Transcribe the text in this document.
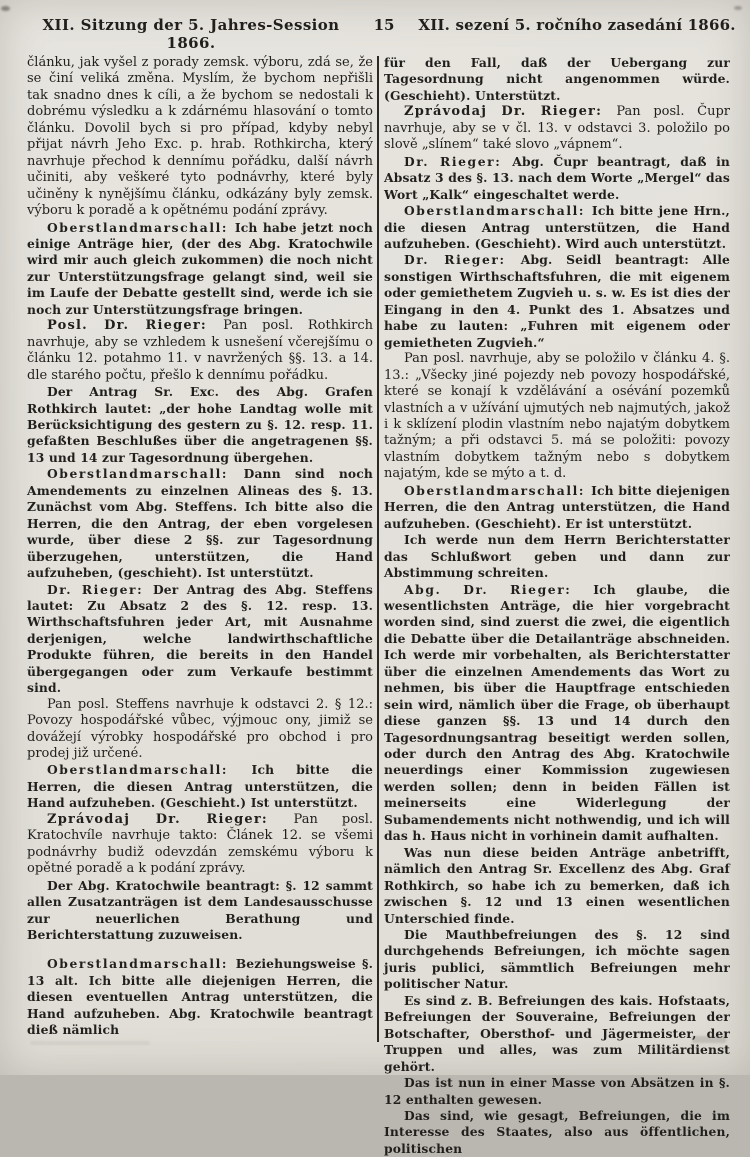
XII. Sitzung der 5. Jahres-Session 1866.
15	XII. sezení 5. ročního zasedání 1866.

článku, jak vyšel z porady zemsk. výboru, zdá se, že se činí veliká změna. Myslím, že bychom nepřišli tak snadno dnes k cíli, a že bychom se nedostali k dobrému výsledku a k zdárnému hlasování o tomto článku. Dovolil bych si pro případ, kdyby nebyl přijat návrh Jeho Exc. p. hrab. Rothkircha, který navrhuje přechod k dennímu pořádku, další návrh učiniti, aby veškeré tyto podnávrhy, které byly učiněny k nynějšímu článku, odkázány byly zemsk. výboru k poradě a k opětnému podání zprávy.

Oberstlandmarschall: Ich habe jetzt noch einige Anträge hier, (der des Abg. Kratochwile wird mir auch gleich zukommen) die noch nicht zur Unterstützungsfrage gelangt sind, weil sie im Laufe der Debatte gestellt sind, werde ich sie noch zur Unterstützungsfrage bringen.

Posl. Dr. Rieger: Pan posl. Rothkirch navrhuje, aby se vzhledem k usnešení včerejšímu o článku 12. potahmo 11. v navržených §§. 13. a 14. dle starého počtu, přešlo k dennímu pořádku.

Der Antrag Sr. Exc. des Abg. Grafen Rothkirch lautet: „der hohe Landtag wolle mit Berücksichtigung des gestern zu §. 12. resp. 11. gefaßten Beschlußes über die angetragenen §§. 13 und 14 zur Tagesordnung übergehen.

Oberstlandmarschall: Dann sind noch Amendements zu einzelnen Alineas des §. 13. Zunächst vom Abg. Steffens. Ich bitte also die Herren, die den Antrag, der eben vorgelesen wurde, über diese 2 §§. zur Tagesordnung überzugehen, unterstützen, die Hand aufzuheben, (geschieht). Ist unterstützt.

Dr. Rieger: Der Antrag des Abg. Steffens lautet: Zu Absatz 2 des §. 12. resp. 13. Wirthschaftsfuhren jeder Art, mit Ausnahme derjenigen, welche landwirthschaftliche Produkte führen, die bereits in den Handel übergegangen oder zum Verkaufe bestimmt sind.

Pan posl. Steffens navrhuje k odstavci 2. § 12.: Povozy hospodářské vůbec, výjmouc ony, jimiž se dovážejí výrobky hospodářské pro obchod i pro prodej již určené.

Oberstlandmarschall: Ich bitte die Herren, die diesen Antrag unterstützen, die Hand aufzuheben. (Geschieht.) Ist unterstützt.

Zprávodaj Dr. Rieger: Pan posl. Kratochvíle navrhuje takto: Článek 12. se všemi podnávrhy budiž odevzdán zemskému výboru k opětné poradě a k podání zprávy.

Der Abg. Kratochwile beantragt: §. 12 sammt allen Zusatzanträgen ist dem Landesausschusse zur neuerlichen Berathung und Berichterstattung zuzuweisen.

Oberstlandmarschall: Beziehungsweise §. 13 alt. Ich bitte alle diejenigen Herren, die diesen eventuellen Antrag unterstützen, die Hand aufzuheben. Abg. Kratochwile beantragt dieß nämlich

für den Fall, daß der Uebergang zur Tagesordnung nicht angenommen würde. (Geschieht). Unterstützt.

Zprávodaj Dr. Rieger: Pan posl. Čupr navrhuje, aby se v čl. 13. v odstavci 3. položilo po slově „slínem“ také slovo „vápnem“.

Dr. Rieger: Abg. Čupr beantragt, daß in Absatz 3 des §. 13. nach dem Worte „Mergel“ das Wort „Kalk“ eingeschaltet werde.

Oberstlandmarschall: Ich bitte jene Hrn., die diesen Antrag unterstützen, die Hand aufzuheben. (Geschieht). Wird auch unterstützt.

Dr. Rieger: Abg. Seidl beantragt: Alle sonstigen Wirthschaftsfuhren, die mit eigenem oder gemiethetem Zugvieh u. s. w. Es ist dies der Eingang in den 4. Punkt des 1. Absatzes und habe zu lauten: „Fuhren mit eigenem oder gemietheten Zugvieh.“

Pan posl. navrhuje, aby se položilo v článku 4. §. 13.: „Všecky jiné pojezdy neb povozy hospodářské, které se konají k vzdělávání a osévání pozemků vlastních a v užívání ujmutých neb najmutých, jakož i k sklízení plodin vlastním nebo najatým dobytkem tažným; a při odstavci 5. má se položiti: povozy vlastním dobytkem tažným nebo s dobytkem najatým, kde se mýto a t. d.

Oberstlandmarschall: Ich bitte diejenigen Herren, die den Antrag unterstützen, die Hand aufzuheben. (Geschieht). Er ist unterstützt.

Ich werde nun dem Herrn Berichterstatter das Schlußwort geben und dann zur Abstimmung schreiten.

Abg. Dr. Rieger: Ich glaube, die wesentlichsten Anträge, die hier vorgebracht worden sind, sind zuerst die zwei, die eigentlich die Debatte über die Detailanträge abschneiden. Ich werde mir vorbehalten, als Berichterstatter über die einzelnen Amendements das Wort zu nehmen, bis über die Hauptfrage entschieden sein wird, nämlich über die Frage, ob überhaupt diese ganzen §§. 13 und 14 durch den Tagesordnungsantrag beseitigt werden sollen, oder durch den Antrag des Abg. Kratochwile neuerdings einer Kommission zugewiesen werden sollen; denn in beiden Fällen ist meinerseits eine Widerlegung der Subamendements nicht nothwendig, und ich will das h. Haus nicht in vorhinein damit aufhalten.

Was nun diese beiden Anträge anbetrifft, nämlich den Antrag Sr. Excellenz des Abg. Graf Rothkirch, so habe ich zu bemerken, daß ich zwischen §. 12 und 13 einen wesentlichen Unterschied finde.

Die Mauthbefreiungen des §. 12 sind durchgehends Befreiungen, ich möchte sagen juris publici, sämmtlich Befreiungen mehr politischer Natur.

Es sind z. B. Befreiungen des kais. Hofstaats, Befreiungen der Souveraine, Befreiungen der Botschafter, Obersthof- und Jägermeister, der Truppen und alles, was zum Militärdienst gehört.

Das ist nun in einer Masse von Absätzen in §. 12 enthalten gewesen.

Das sind, wie gesagt, Befreiungen, die im Interesse des Staates, also aus öffentlichen, politischen
